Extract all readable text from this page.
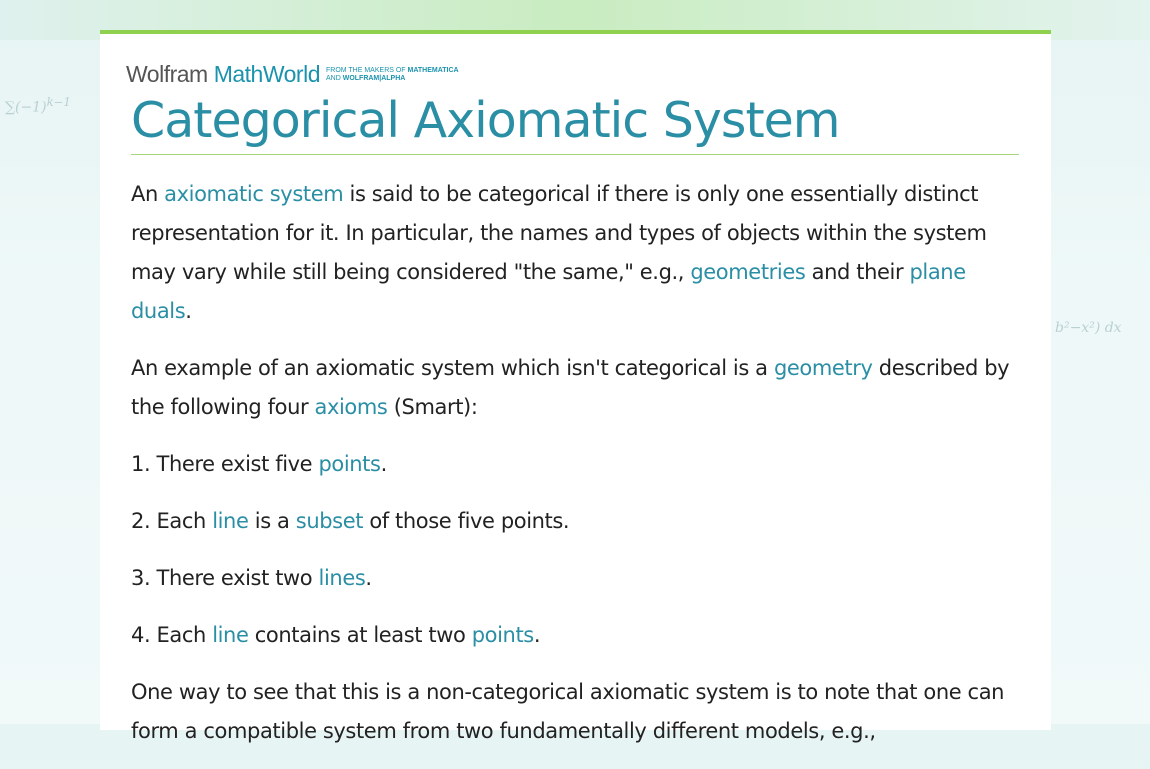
$\sum(-1)^{k-1}$
b²−x²) dx
Wolfram MathWorld FROM THE MAKERS OF MATHEMATICA
AND WOLFRAM|ALPHA
Categorical Axiomatic System

An axiomatic system is said to be categorical if there is only one essentially distinct representation for it. In particular, the names and types of objects within the system may vary while still being considered "the same," e.g., geometries and their plane duals.

An example of an axiomatic system which isn't categorical is a geometry described by the following four axioms (Smart):

1. There exist five points.

2. Each line is a subset of those five points.

3. There exist two lines.

4. Each line contains at least two points.

One way to see that this is a non-categorical axiomatic system is to note that one can form a compatible system from two fundamentally different models, e.g.,
